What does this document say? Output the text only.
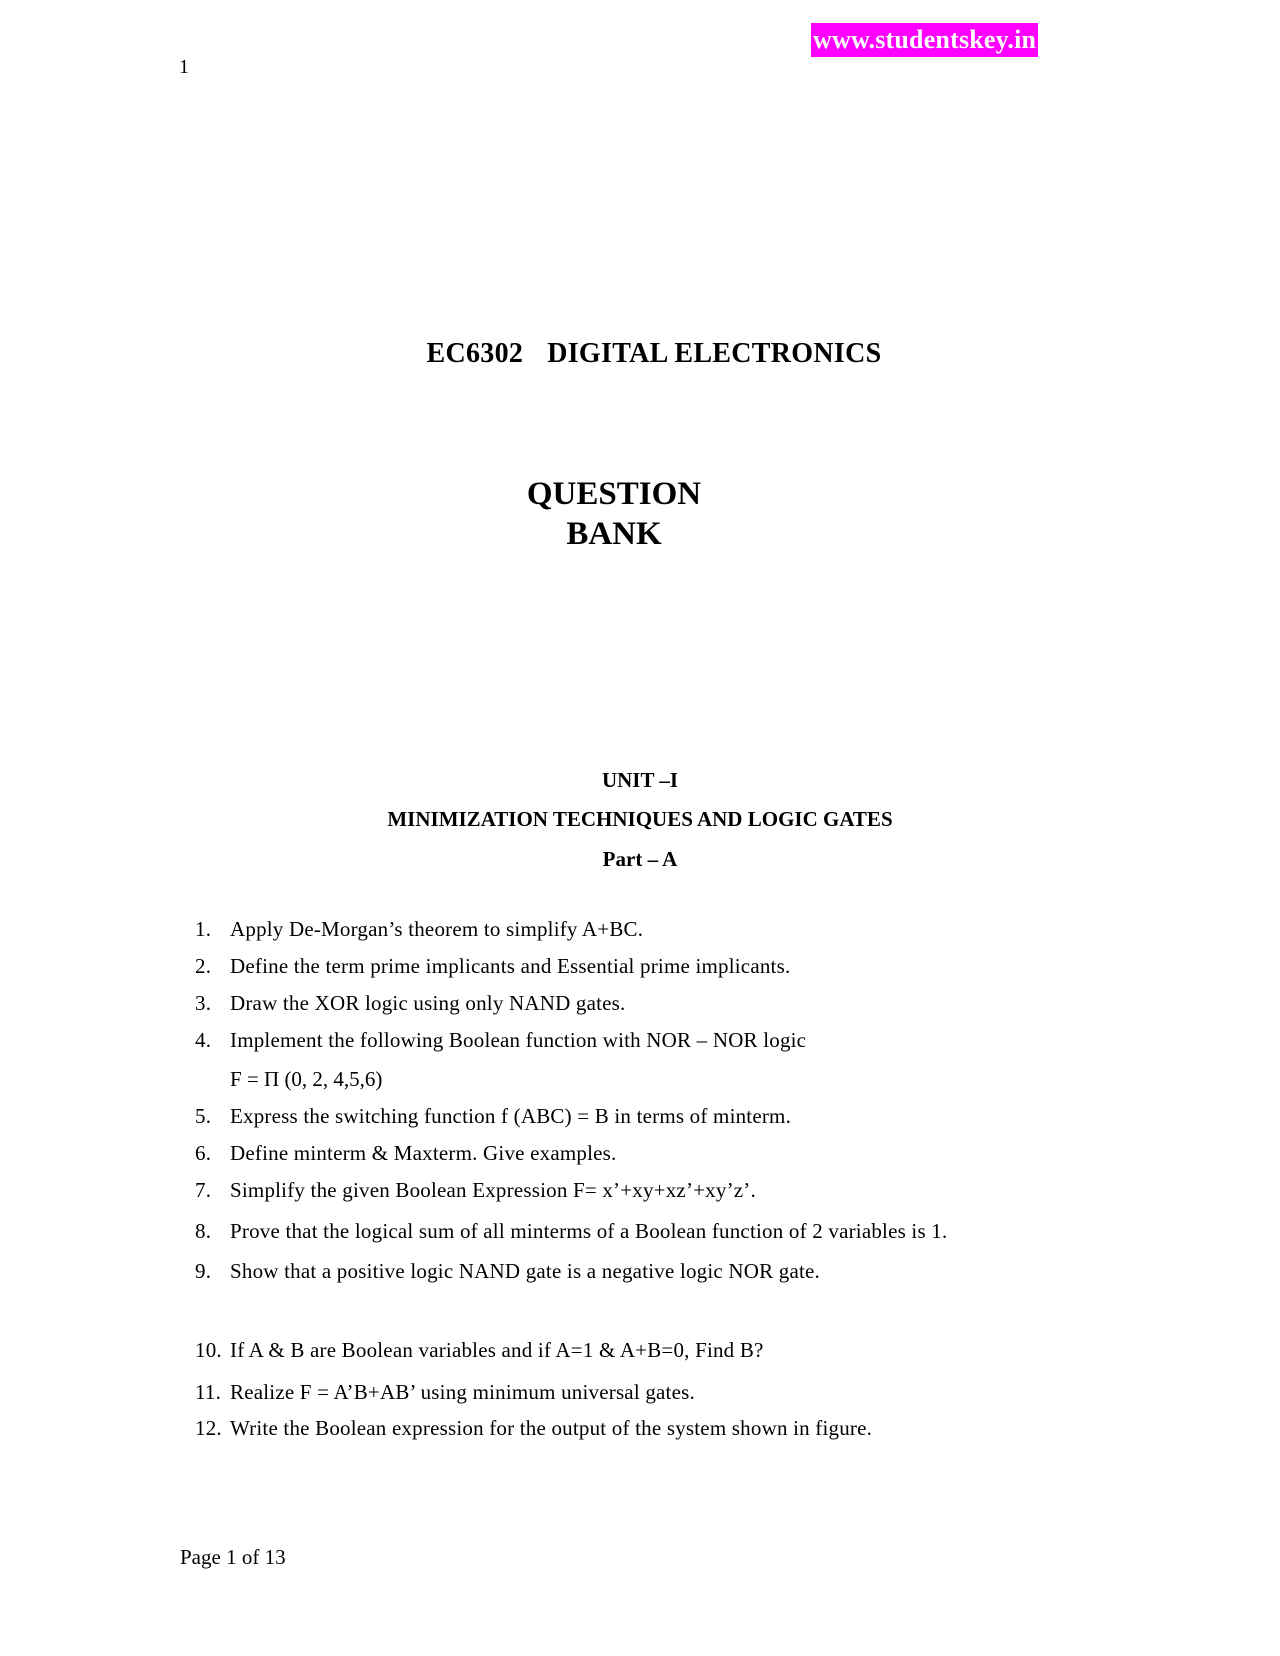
www.studentskey.in
1
EC6302 DIGITAL ELECTRONICS
QUESTION
BANK
UNIT –I
MINIMIZATION TECHNIQUES AND LOGIC GATES
Part – A
1. Apply De-Morgan’s theorem to simplify A+BC.
2. Define the term prime implicants and Essential prime implicants.
3. Draw the XOR logic using only NAND gates.
4. Implement the following Boolean function with NOR – NOR logic
F = Π (0, 2, 4,5,6)
5. Express the switching function f (ABC) = B in terms of minterm.
6. Define minterm & Maxterm. Give examples.
7. Simplify the given Boolean Expression F= x’+xy+xz’+xy’z’.
8. Prove that the logical sum of all minterms of a Boolean function of 2 variables is 1.
9. Show that a positive logic NAND gate is a negative logic NOR gate.
10. If A & B are Boolean variables and if A=1 & A+B=0, Find B?
11. Realize F = A’B+AB’ using minimum universal gates.
12. Write the Boolean expression for the output of the system shown in figure.
Page 1 of 13
